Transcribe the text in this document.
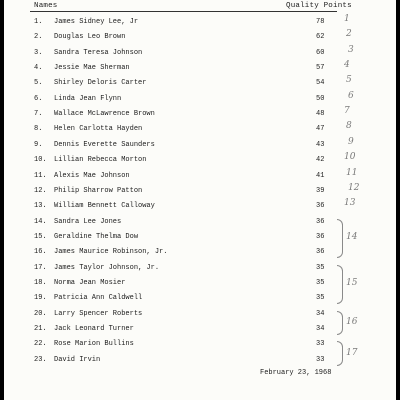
Names	Quality Points
1.	James Sidney Lee, Jr	78	1
2.	Douglas Leo Brown	62	2
3.	Sandra Teresa Johnson	60	3
4.	Jessie Mae Sherman	57	4
5.	Shirley Deloris Carter	54	5
6.	Linda Jean Flynn	50	6
7.	Wallace McLawrence Brown	48	7
8.	Helen Carlotta Hayden	47	8
9.	Dennis Everette Saunders	43	9
10.	Lillian Rebecca Morton	42	10
11.	Alexis Mae Johnson	41	11
12.	Philip Sharrow Patton	39	12
13.	William Bennett Calloway	36	13
14.	Sandra Lee Jones	36
15.	Geraldine Thelma Dow	36
16.	James Maurice Robinson, Jr.	36
17.	James Taylor Johnson, Jr.	35
18.	Norma Jean Mosier	35
19.	Patricia Ann Caldwell	35
20.	Larry Spencer Roberts	34
21.	Jack Leonard Turner	34
22.	Rose Marion Bullins	33
23.	David Irvin	33
14
15
16
17
February 23, 1968
